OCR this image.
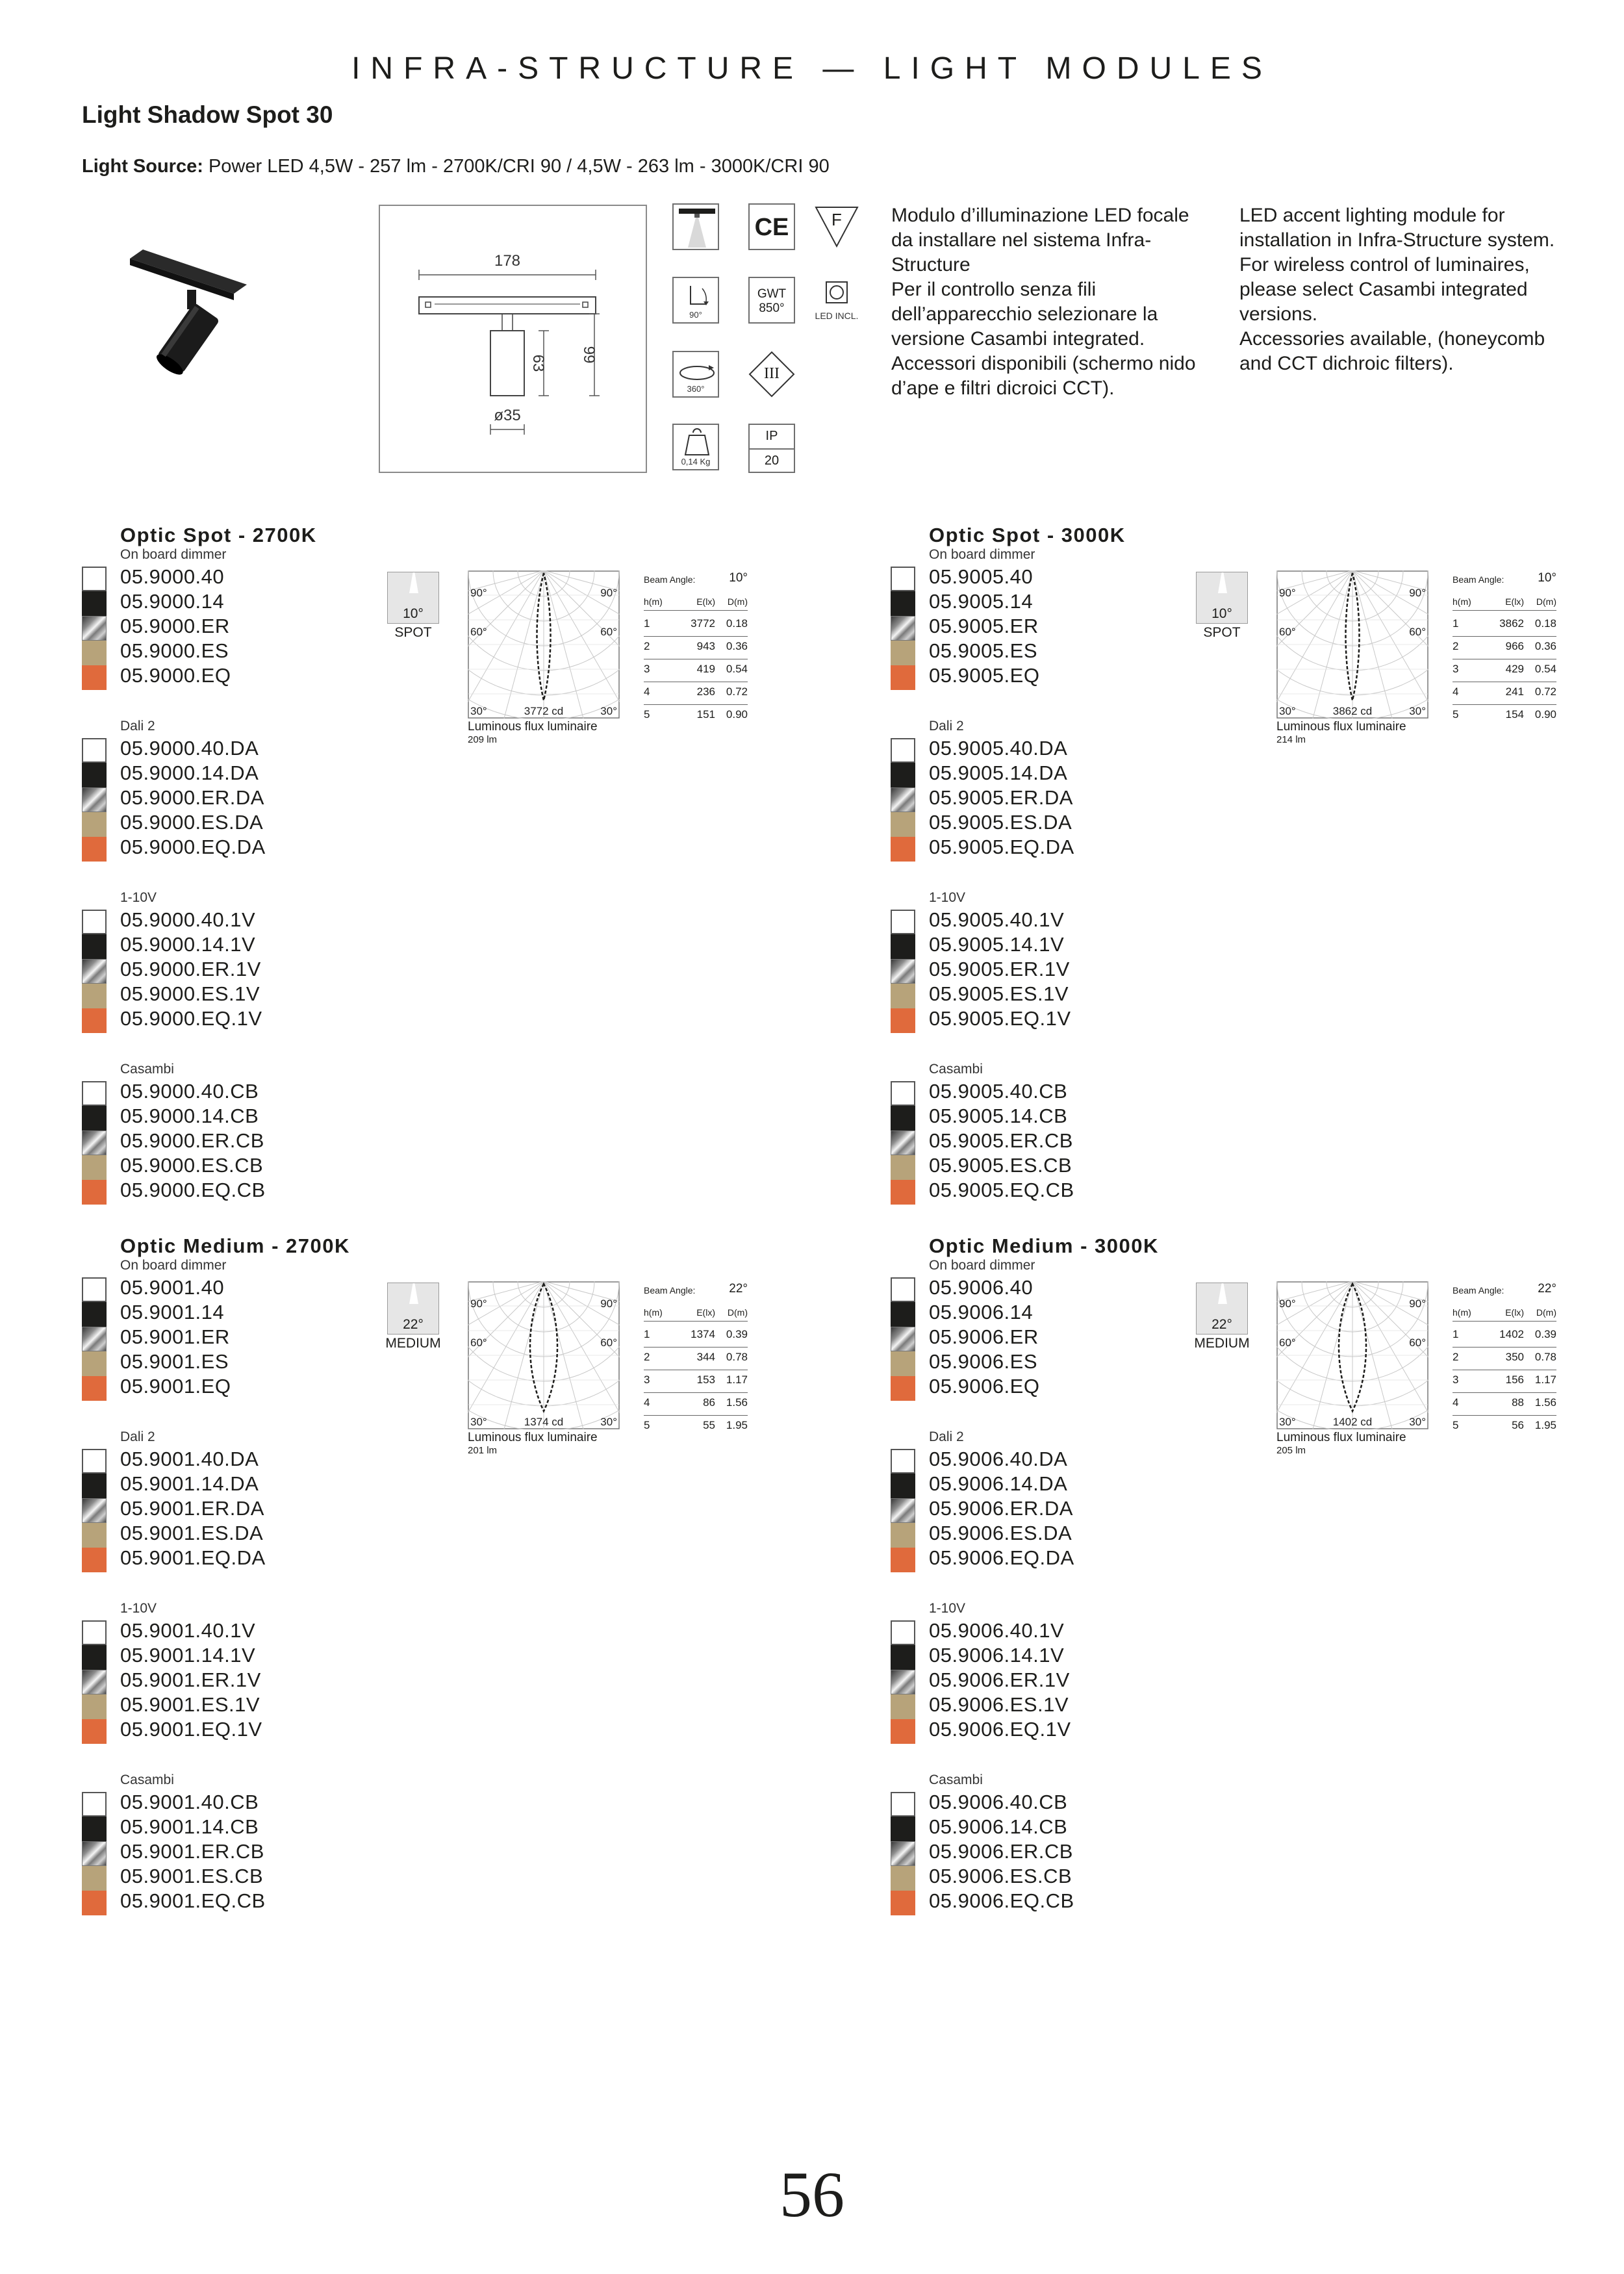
INFRA-STRUCTURE — LIGHT MODULES
Light Shadow Spot 30
Light Source: Power LED 4,5W - 257 lm - 2700K/CRI 90 / 4,5W - 263 lm - 3000K/CRI 90
178
63 99
ø35
CE	F
90°
GWT
850°
LED INCL.
360°
III
0,14 Kg
IP
20

Modulo d’illuminazione LED focale

da installare nel sistema Infra-

Structure

Per il controllo senza fili

dell’apparecchio selezionare la

versione Casambi integrated.

Accessori disponibili (schermo nido

d’ape e filtri dicroici CCT).

LED accent lighting module for

installation in Infra-Structure system.

For wireless control of luminaires,

please select Casambi integrated

versions.

Accessories available, (honeycomb

and CCT dichroic filters).

Optic Spot - 2700K
On board dimmer
05.9000.40
05.9000.14
05.9000.ER
05.9000.ES
05.9000.EQ
Dali 2
05.9000.40.DA
05.9000.14.DA
05.9000.ER.DA
05.9000.ES.DA
05.9000.EQ.DA
1-10V
05.9000.40.1V
05.9000.14.1V
05.9000.ER.1V
05.9000.ES.1V
05.9000.EQ.1V
Casambi
05.9000.40.CB
05.9000.14.CB
05.9000.ER.CB
05.9000.ES.CB
05.9000.EQ.CB
10°
SPOT
90°	90°
60°	60°
30°	30°
3772 cd
Luminous flux luminaire
209 lm
Beam Angle:	10°
h(m)	E(lx) D(m)
1	3772 0.18
2	943 0.36
3	419 0.54
4	236 0.72
5	151 0.90
Optic Spot - 3000K
On board dimmer
05.9005.40
05.9005.14
05.9005.ER
05.9005.ES
05.9005.EQ
Dali 2
05.9005.40.DA
05.9005.14.DA
05.9005.ER.DA
05.9005.ES.DA
05.9005.EQ.DA
1-10V
05.9005.40.1V
05.9005.14.1V
05.9005.ER.1V
05.9005.ES.1V
05.9005.EQ.1V
Casambi
05.9005.40.CB
05.9005.14.CB
05.9005.ER.CB
05.9005.ES.CB
05.9005.EQ.CB
10°
SPOT
90°	90°
60°	60°
30°	30°
3862 cd
Luminous flux luminaire
214 lm
Beam Angle:	10°
h(m)	E(lx) D(m)
1	3862 0.18
2	966 0.36
3	429 0.54
4	241 0.72
5	154 0.90
Optic Medium - 2700K
On board dimmer
05.9001.40
05.9001.14
05.9001.ER
05.9001.ES
05.9001.EQ
Dali 2
05.9001.40.DA
05.9001.14.DA
05.9001.ER.DA
05.9001.ES.DA
05.9001.EQ.DA
1-10V
05.9001.40.1V
05.9001.14.1V
05.9001.ER.1V
05.9001.ES.1V
05.9001.EQ.1V
Casambi
05.9001.40.CB
05.9001.14.CB
05.9001.ER.CB
05.9001.ES.CB
05.9001.EQ.CB
22°
MEDIUM
90°	90°
60°	60°
30°	30°
1374 cd
Luminous flux luminaire
201 lm
Beam Angle:	22°
h(m)	E(lx) D(m)
1	1374 0.39
2	344 0.78
3	153 1.17
4	86 1.56
5	55 1.95
Optic Medium - 3000K
On board dimmer
05.9006.40
05.9006.14
05.9006.ER
05.9006.ES
05.9006.EQ
Dali 2
05.9006.40.DA
05.9006.14.DA
05.9006.ER.DA
05.9006.ES.DA
05.9006.EQ.DA
1-10V
05.9006.40.1V
05.9006.14.1V
05.9006.ER.1V
05.9006.ES.1V
05.9006.EQ.1V
Casambi
05.9006.40.CB
05.9006.14.CB
05.9006.ER.CB
05.9006.ES.CB
05.9006.EQ.CB
22°
MEDIUM
90°	90°
60°	60°
30°	30°
1402 cd
Luminous flux luminaire
205 lm
Beam Angle:	22°
h(m)	E(lx) D(m)
1	1402 0.39
2	350 0.78
3	156 1.17
4	88 1.56
5	56 1.95
56
